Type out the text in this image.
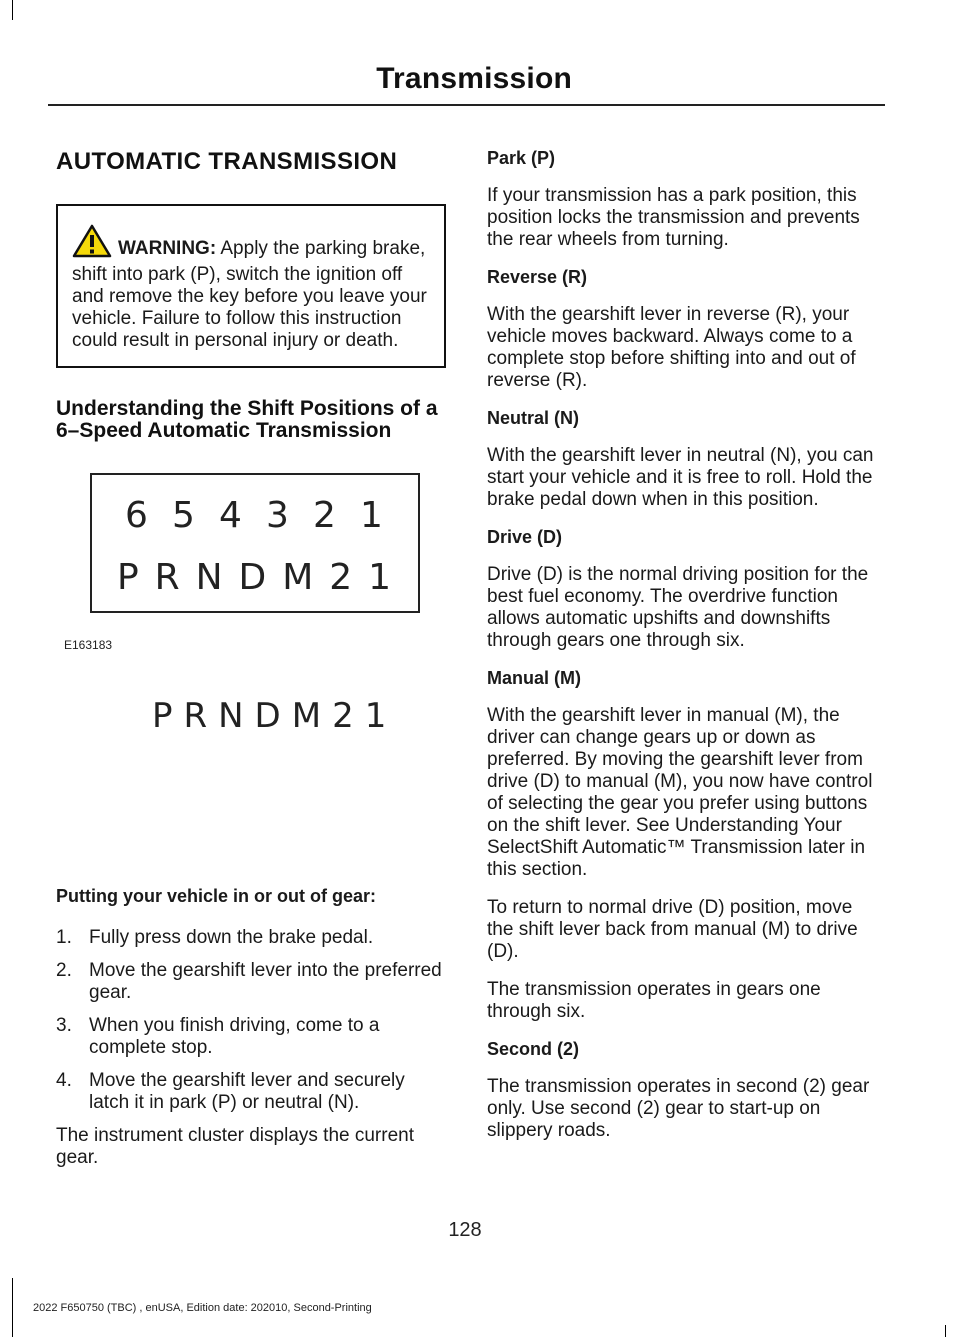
Transmission
AUTOMATIC TRANSMISSION
WARNING: Apply the parking brake, shift into park (P), switch the ignition off and remove the key before you leave your vehicle. Failure to follow this instruction could result in personal injury or death.
Understanding the Shift Positions of a 6–Speed Automatic Transmission
6 5 4 3 2 1
P R N D M 2 1
E163183
PRNDM21
Putting your vehicle in or out of gear:
1. Fully press down the brake pedal.
2. Move the gearshift lever into the preferred gear.
3. When you finish driving, come to a complete stop.
4. Move the gearshift lever and securely latch it in park (P) or neutral (N).

The instrument cluster displays the current gear.

Park (P)

If your transmission has a park position, this position locks the transmission and prevents the rear wheels from turning.

Reverse (R)

With the gearshift lever in reverse (R), your vehicle moves backward. Always come to a complete stop before shifting into and out of reverse (R).

Neutral (N)

With the gearshift lever in neutral (N), you can start your vehicle and it is free to roll. Hold the brake pedal down when in this position.

Drive (D)

Drive (D) is the normal driving position for the best fuel economy. The overdrive function allows automatic upshifts and downshifts through gears one through six.

Manual (M)

With the gearshift lever in manual (M), the driver can change gears up or down as preferred. By moving the gearshift lever from drive (D) to manual (M), you now have control of selecting the gear you prefer using buttons on the shift lever. See Understanding Your SelectShift Automatic™ Transmission later in this section.

To return to normal drive (D) position, move the shift lever back from manual (M) to drive (D).

The transmission operates in gears one through six.

Second (2)

The transmission operates in second (2) gear only. Use second (2) gear to start-up on slippery roads.

128
2022 F650750 (TBC) , enUSA, Edition date: 202010, Second-Printing
